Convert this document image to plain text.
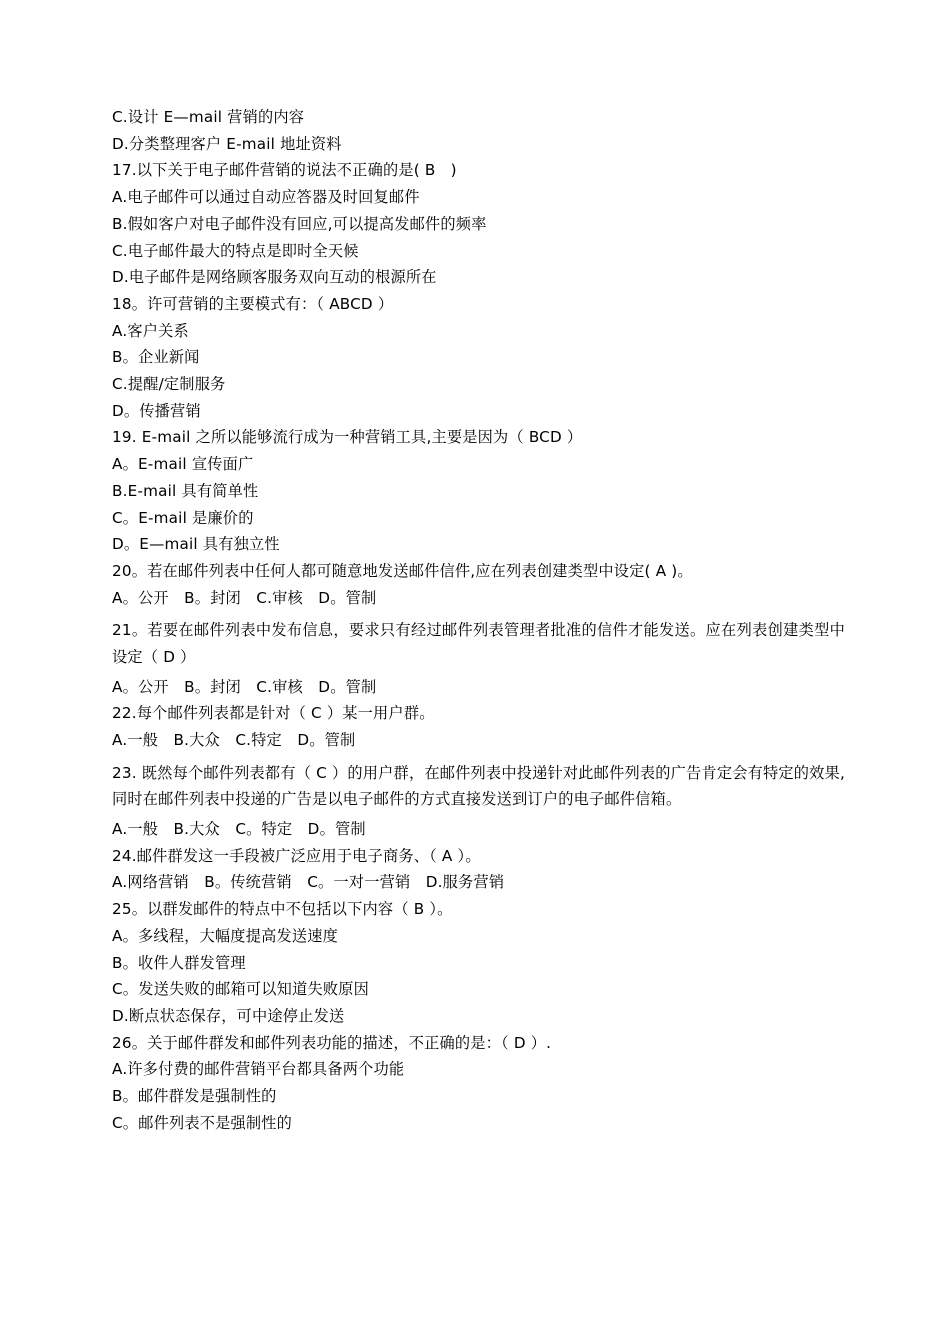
C.设计 E—mail 营销的内容

D.分类整理客户 E-mail 地址资料

17.以下关于电子邮件营销的说法不正确的是( B   )

A.电子邮件可以通过自动应答器及时回复邮件

B.假如客户对电子邮件没有回应,可以提高发邮件的频率

C.电子邮件最大的特点是即时全天候

D.电子邮件是网络顾客服务双向互动的根源所在

18。许可营销的主要模式有：（ ABCD ）

A.客户关系

B。企业新闻

C.提醒/定制服务

D。传播营销

19. E-mail 之所以能够流行成为一种营销工具,主要是因为（ BCD ）

A。E-mail 宣传面广

B.E-mail 具有简单性

C。E-mail 是廉价的

D。E—mail 具有独立性

20。若在邮件列表中任何人都可随意地发送邮件信件,应在列表创建类型中设定( A )。

A。公开　B。封闭　C.审核　D。管制

21。若要在邮件列表中发布信息，要求只有经过邮件列表管理者批准的信件才能发送。应在列表创建类型中设定（ D ）

A。公开　B。封闭　C.审核　D。管制

22.每个邮件列表都是针对（ C ）某一用户群。

A.一般　B.大众　C.特定　D。管制

23. 既然每个邮件列表都有（ C ）的用户群，在邮件列表中投递针对此邮件列表的广告肯定会有特定的效果,同时在邮件列表中投递的广告是以电子邮件的方式直接发送到订户的电子邮件信箱。

A.一般　B.大众　C。特定　D。管制

24.邮件群发这一手段被广泛应用于电子商务、（ A ）。

A.网络营销　B。传统营销　C。一对一营销　D.服务营销

25。以群发邮件的特点中不包括以下内容（ B ）。

A。多线程，大幅度提高发送速度

B。收件人群发管理

C。发送失败的邮箱可以知道失败原因

D.断点状态保存，可中途停止发送

26。关于邮件群发和邮件列表功能的描述，不正确的是：（ D ）.

A.许多付费的邮件营销平台都具备两个功能

B。邮件群发是强制性的

C。邮件列表不是强制性的
